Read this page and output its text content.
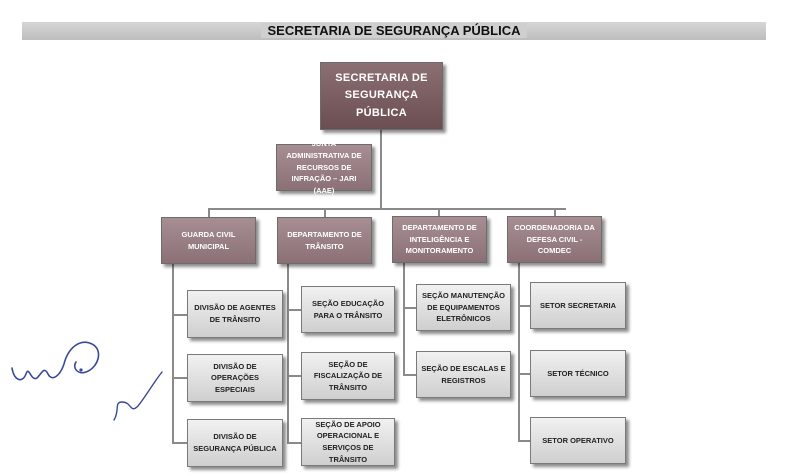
SECRETARIA DE SEGURANÇA PÚBLICA
SECRETARIA DE SEGURANÇA PÚBLICA
JUNTA ADMINISTRATIVA DE RECURSOS DE INFRAÇÃO – JARI (AAE)
GUARDA CIVIL MUNICIPAL
DEPARTAMENTO DE TRÂNSITO
DEPARTAMENTO DE INTELIGÊNCIA E MONITORAMENTO
COORDENADORIA DA DEFESA CIVIL - COMDEC
DIVISÃO DE AGENTES DE TRÂNSITO
DIVISÃO DE OPERAÇÕES ESPECIAIS
DIVISÃO DE SEGURANÇA PÚBLICA
SEÇÃO EDUCAÇÃO PARA O TRÂNSITO
SEÇÃO DE FISCALIZAÇÃO DE TRÂNSITO
SEÇÃO DE APOIO OPERACIONAL E SERVIÇOS DE TRÂNSITO
SEÇÃO MANUTENÇÃO DE EQUIPAMENTOS ELETRÔNICOS
SEÇÃO DE ESCALAS E REGISTROS
SETOR SECRETARIA
SETOR TÉCNICO
SETOR OPERATIVO
